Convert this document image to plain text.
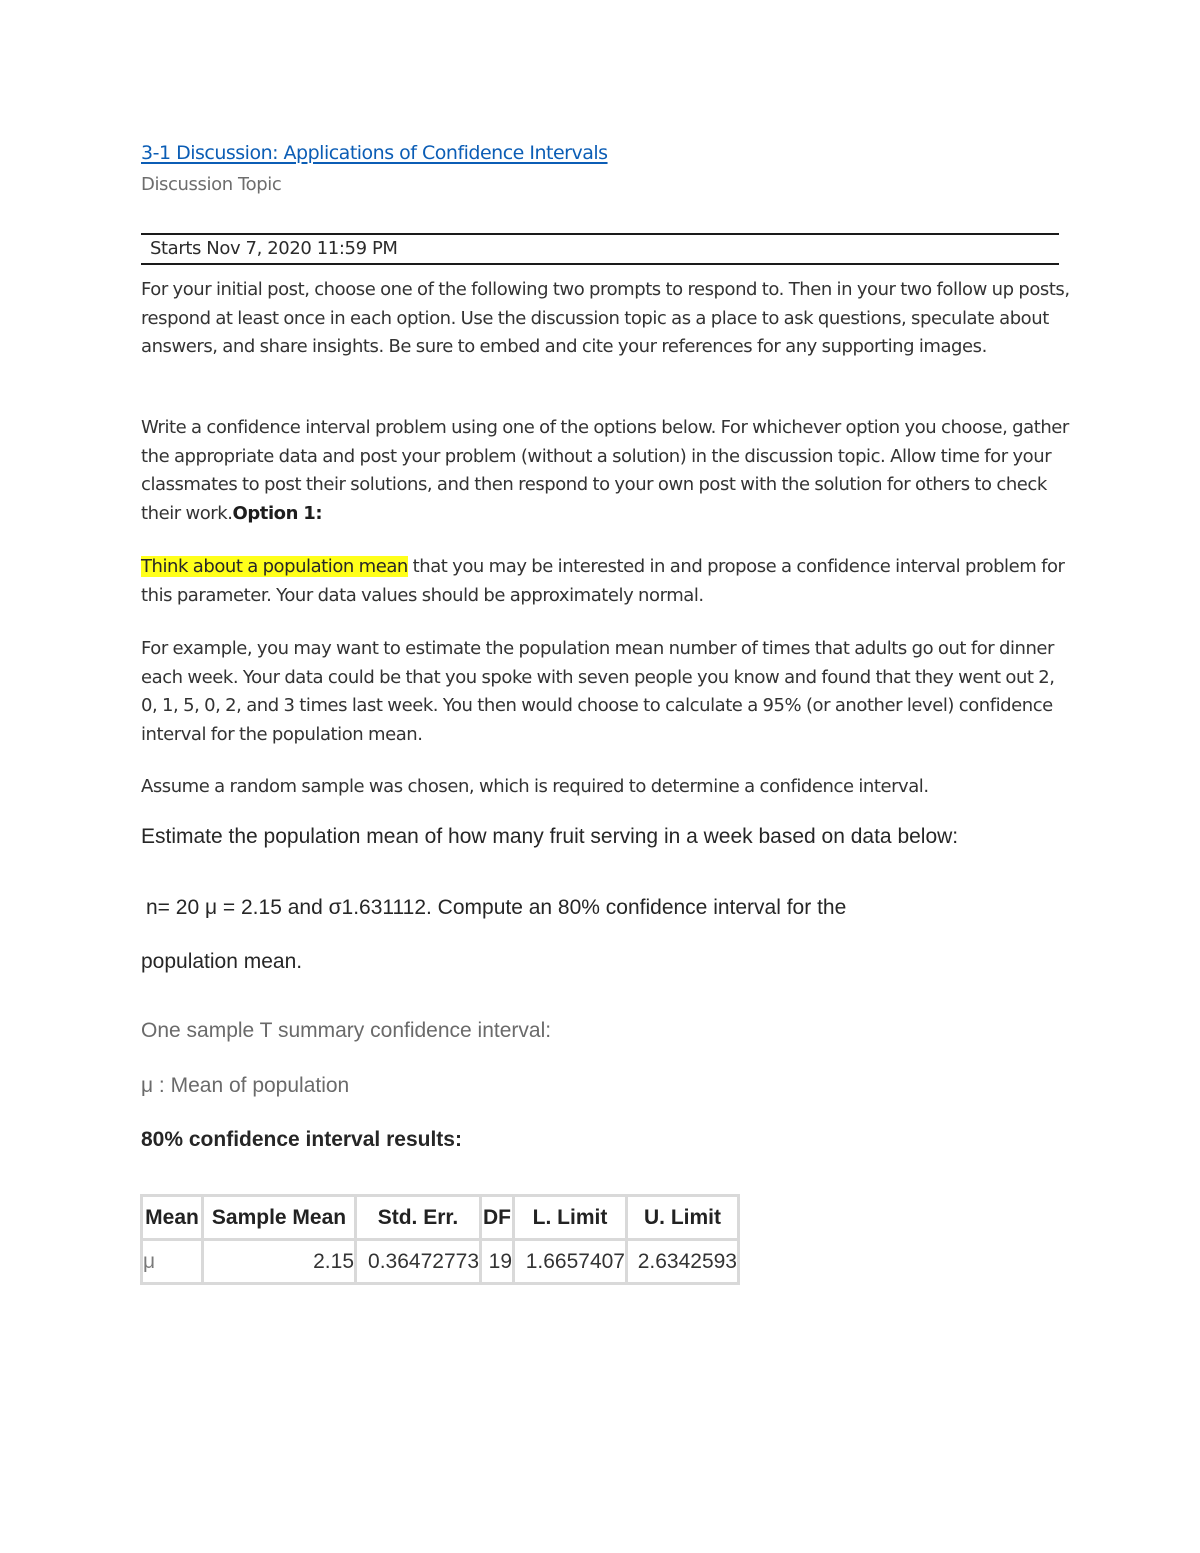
3-1 Discussion: Applications of Confidence Intervals
Discussion Topic
Starts Nov 7, 2020 11:59 PM
For your initial post, choose one of the following two prompts to respond to. Then in your two follow up posts, respond at least once in each option. Use the discussion topic as a place to ask questions, speculate about answers, and share insights. Be sure to embed and cite your references for any supporting images.
Write a confidence interval problem using one of the options below. For whichever option you choose, gather the appropriate data and post your problem (without a solution) in the discussion topic. Allow time for your classmates to post their solutions, and then respond to your own post with the solution for others to check their work.Option 1:
Think about a population mean that you may be interested in and propose a confidence interval problem for this parameter. Your data values should be approximately normal.
For example, you may want to estimate the population mean number of times that adults go out for dinner each week. Your data could be that you spoke with seven people you know and found that they went out 2, 0, 1, 5, 0, 2, and 3 times last week. You then would choose to calculate a 95% (or another level) confidence interval for the population mean.
Assume a random sample was chosen, which is required to determine a confidence interval.
Estimate the population mean of how many fruit serving in a week based on data below:
n= 20 μ = 2.15 and σ1.631112. Compute an 80% confidence interval for the
population mean.
One sample T summary confidence interval:
μ : Mean of population
80% confidence interval results:
Mean	Sample Mean	Std. Err.	DF	L. Limit	U. Limit
μ	2.15	0.36472773	19	1.6657407	2.6342593
